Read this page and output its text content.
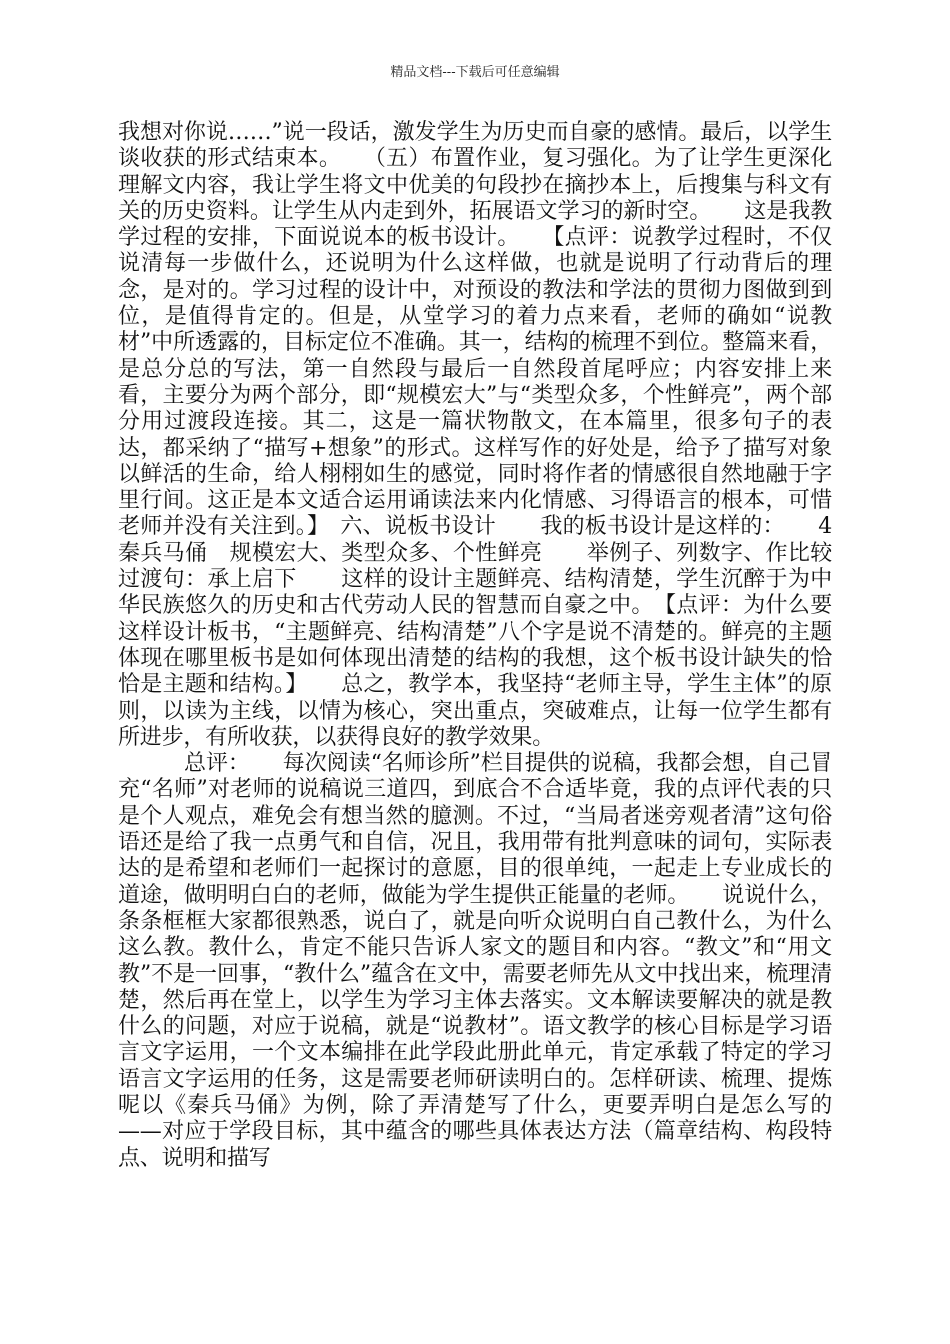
精品文档---下载后可任意编辑

我想对你说……”说一段话，激发学生为历史而自豪的感情。最后，以学生谈收获的形式结束本。　　（五）布置作业，复习强化。为了让学生更深化理解文内容，我让学生将文中优美的句段抄在摘抄本上，后搜集与科文有关的历史资料。让学生从内走到外，拓展语文学习的新时空。　　这是我教学过程的安排，下面说说本的板书设计。　　【点评：说教学过程时，不仅说清每一步做什么，还说明为什么这样做，也就是说明了行动背后的理念，是对的。学习过程的设计中，对预设的教法和学法的贯彻力图做到到位，是值得肯定的。但是，从堂学习的着力点来看，老师的确如“说教材”中所透露的，目标定位不准确。其一，结构的梳理不到位。整篇来看，是总分总的写法，第一自然段与最后一自然段首尾呼应；内容安排上来看，主要分为两个部分，即“规模宏大”与“类型众多，个性鲜亮”，两个部分用过渡段连接。其二，这是一篇状物散文，在本篇里，很多句子的表达，都采纳了“描写+想象”的形式。这样写作的好处是，给予了描写对象以鲜活的生命，给人栩栩如生的感觉，同时将作者的情感很自然地融于字里行间。这正是本文适合运用诵读法来内化情感、习得语言的根本，可惜老师并没有关注到。】　六、说板书设计　　我的板书设计是这样的：　　4秦兵马俑　规模宏大、类型众多、个性鲜亮　　举例子、列数字、作比较　过渡句：承上启下　　这样的设计主题鲜亮、结构清楚，学生沉醉于为中华民族悠久的历史和古代劳动人民的智慧而自豪之中。　【点评：为什么要这样设计板书，“主题鲜亮、结构清楚”八个字是说不清楚的。鲜亮的主题体现在哪里板书是如何体现出清楚的结构的我想，这个板书设计缺失的恰恰是主题和结构。】　　总之，教学本，我坚持“老师主导，学生主体”的原则，以读为主线，以情为核心，突出重点，突破难点，让每一位学生都有所进步，有所收获，以获得良好的教学效果。

总评：　　每次阅读“名师诊所”栏目提供的说稿，我都会想，自己冒充“名师”对老师的说稿说三道四，到底合不合适毕竟，我的点评代表的只是个人观点，难免会有想当然的臆测。不过，“当局者迷旁观者清”这句俗语还是给了我一点勇气和自信，况且，我用带有批判意味的词句，实际表达的是希望和老师们一起探讨的意愿，目的很单纯，一起走上专业成长的道途，做明明白白的老师，做能为学生提供正能量的老师。　　说说什么，条条框框大家都很熟悉，说白了，就是向听众说明白自己教什么，为什么这么教。教什么，肯定不能只告诉人家文的题目和内容。“教文”和“用文教”不是一回事，“教什么”蕴含在文中，需要老师先从文中找出来，梳理清楚，然后再在堂上，以学生为学习主体去落实。文本解读要解决的就是教什么的问题，对应于说稿，就是“说教材”。语文教学的核心目标是学习语言文字运用，一个文本编排在此学段此册此单元，肯定承载了特定的学习语言文字运用的任务，这是需要老师研读明白的。怎样研读、梳理、提炼呢以《秦兵马俑》为例，除了弄清楚写了什么，更要弄明白是怎么写的——对应于学段目标，其中蕴含的哪些具体表达方法（篇章结构、构段特点、说明和描写
